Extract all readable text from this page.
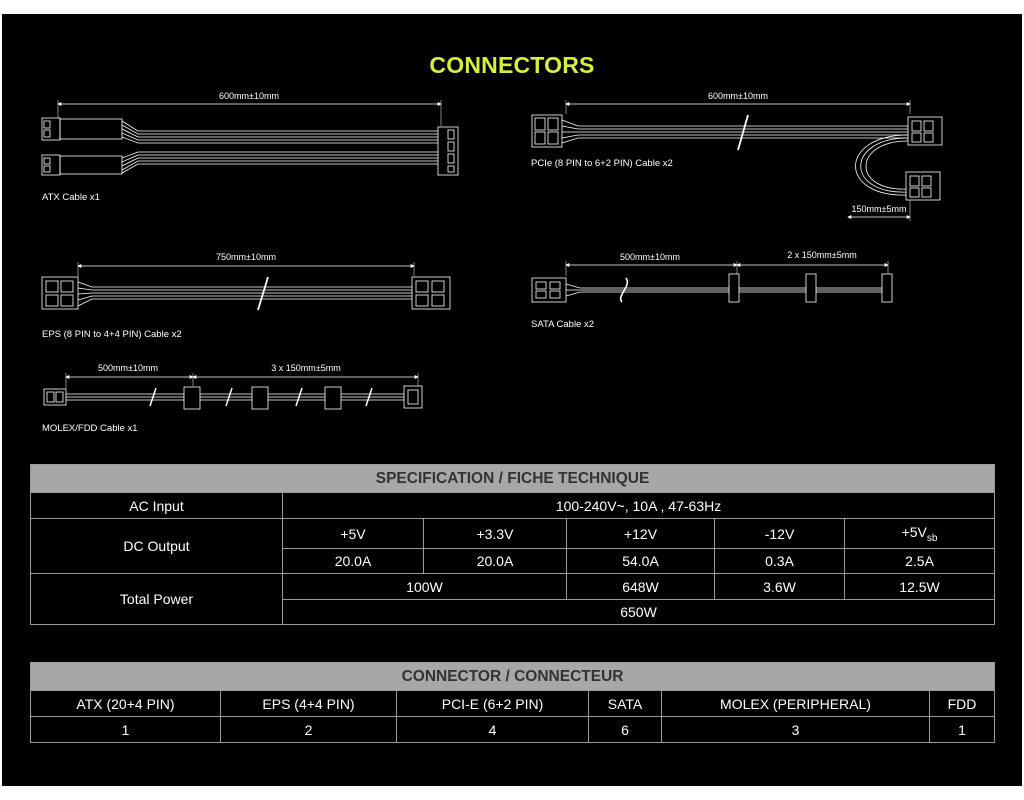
CONNECTORS
600mm±10mm	600mm±10mm
150mm±5mm
750mm±10mm	500mm±10mm	2 x 150mm±5mm
500mm±10mm	3 x 150mm±5mm
ATX Cable x1
PCIe (8 PIN to 6+2 PIN) Cable x2
EPS (8 PIN to 4+4 PIN) Cable x2
SATA Cable x2
MOLEX/FDD Cable x1
SPECIFICATION / FICHE TECHNIQUE					
AC Input	100-240V~, 10A , 47-63Hz				
DC Output	+5V	+3.3V	+12V	-12V	$+5V_{sb}$
	20.0A	20.0A	54.0A	0.3A	2.5A
Total Power	100W		648W	3.6W	12.5W
	650W				
CONNECTOR / CONNECTEUR					
ATX (20+4 PIN)	EPS (4+4 PIN)	PCI-E (6+2 PIN)	SATA	MOLEX (PERIPHERAL)	FDD
1	2	4	6	3	1
